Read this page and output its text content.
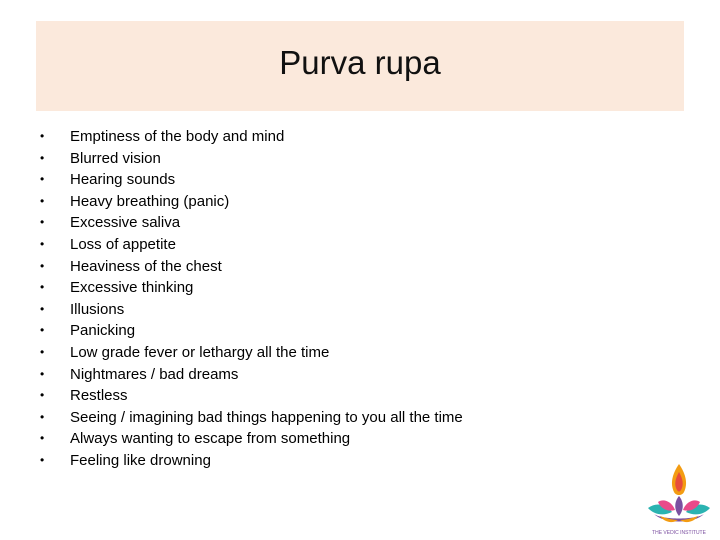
Purva rupa
•	Emptiness of the body and mind
•	Blurred vision
•	Hearing sounds
•	Heavy breathing (panic)
•	Excessive saliva
•	Loss of appetite
•	Heaviness of the chest
•	Excessive thinking
•	Illusions
•	Panicking
•	Low grade fever or lethargy all the time
•	Nightmares / bad dreams
•	Restless
•	Seeing / imagining bad things happening to you all the time
•	Always wanting to escape from something
•	Feeling like drowning
THE VEDIC INSTITUTE
